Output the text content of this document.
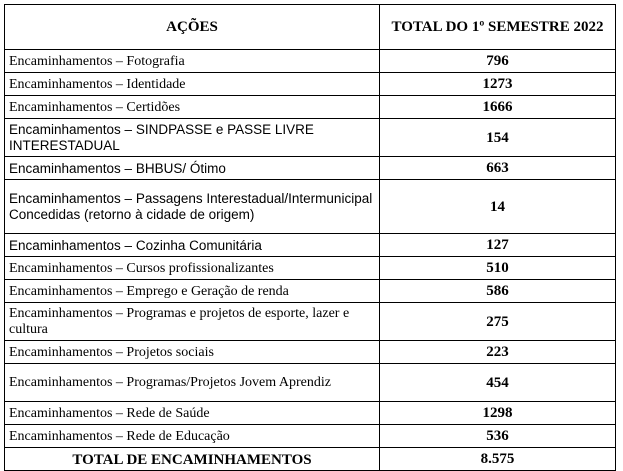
AÇÕES	TOTAL DO 1º SEMESTRE 2022
Encaminhamentos – Fotografia	796
Encaminhamentos – Identidade	1273
Encaminhamentos – Certidões	1666
Encaminhamentos – SINDPASSE e PASSE LIVRE INTERESTADUAL	154
Encaminhamentos – BHBUS/ Ótimo	663
Encaminhamentos – Passagens Interestadual/Intermunicipal Concedidas (retorno à cidade de origem)	14
Encaminhamentos – Cozinha Comunitária	127
Encaminhamentos – Cursos profissionalizantes	510
Encaminhamentos – Emprego e Geração de renda	586
Encaminhamentos – Programas e projetos de esporte, lazer e cultura	275
Encaminhamentos – Projetos sociais	223
Encaminhamentos – Programas/Projetos Jovem Aprendiz	454
Encaminhamentos – Rede de Saúde	1298
Encaminhamentos – Rede de Educação	536
TOTAL DE ENCAMINHAMENTOS	8.575
